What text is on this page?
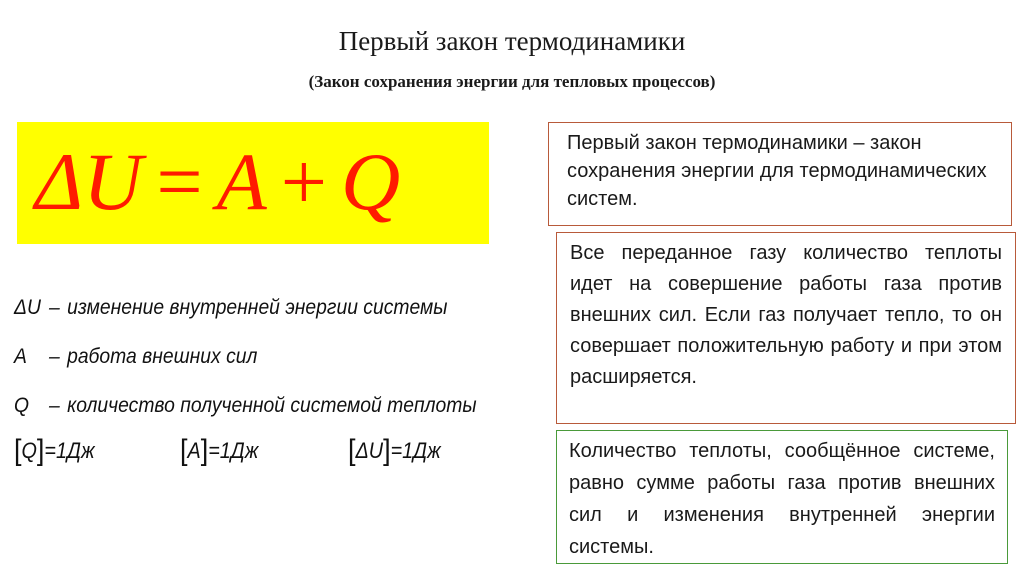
Первый закон термодинамики
(Закон сохранения энергии для тепловых процессов)
ΔU = A + Q
ΔU – изменение внутренней энергии системы
A – работа внешних сил
Q – количество полученной системой теплоты
[Q]=1Дж	[A]=1Дж	[ΔU]=1Дж
Первый закон термодинамики – закон сохранения энергии для термодинамических систем.
Все переданное газу количество теплоты идет на совершение работы газа против внешних сил. Если газ получает тепло, то он совершает положительную работу и при этом расширяется.
Количество теплоты, сообщённое системе, равно сумме работы газа против внешних сил и изменения внутренней энергии системы.
